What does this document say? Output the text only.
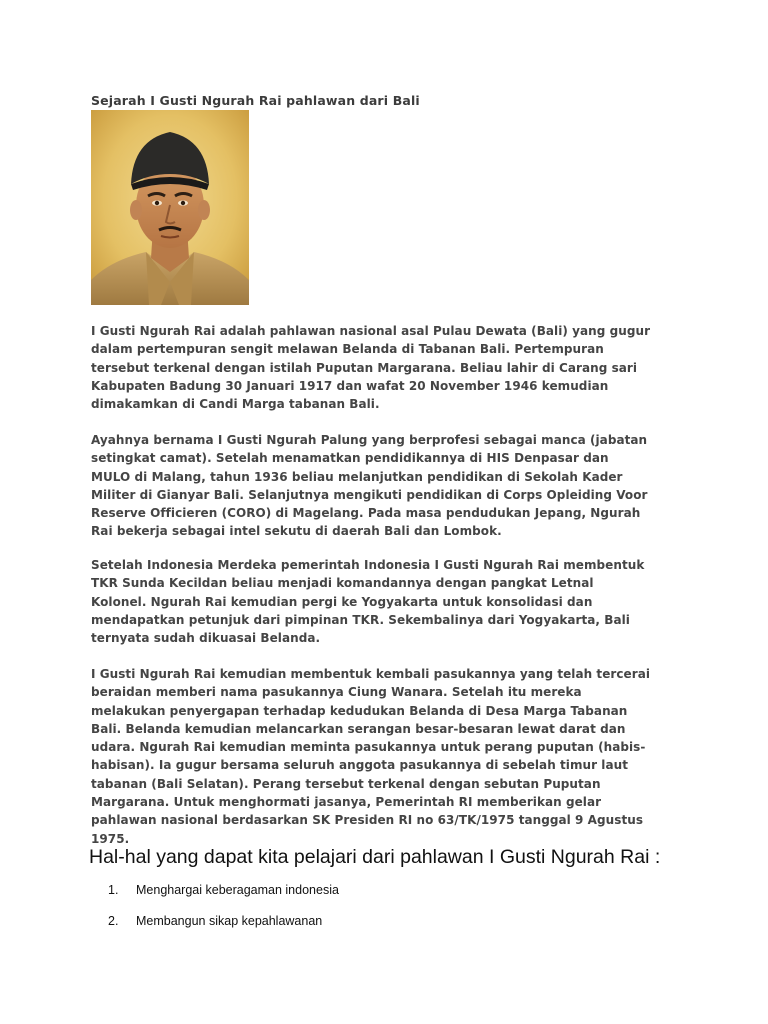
Sejarah I Gusti Ngurah Rai pahlawan dari Bali
I Gusti Ngurah Rai adalah pahlawan nasional asal Pulau Dewata (Bali) yang gugur
dalam pertempuran sengit melawan Belanda di Tabanan Bali. Pertempuran
tersebut terkenal dengan istilah Puputan Margarana. Beliau lahir di Carang sari
Kabupaten Badung 30 Januari 1917 dan wafat 20 November 1946 kemudian
dimakamkan di Candi Marga tabanan Bali.
Ayahnya bernama I Gusti Ngurah Palung yang berprofesi sebagai manca (jabatan
setingkat camat). Setelah menamatkan pendidikannya di HIS Denpasar dan
MULO di Malang, tahun 1936 beliau melanjutkan pendidikan di Sekolah Kader
Militer di Gianyar Bali. Selanjutnya mengikuti pendidikan di Corps Opleiding Voor
Reserve Officieren (CORO) di Magelang. Pada masa pendudukan Jepang, Ngurah
Rai bekerja sebagai intel sekutu di daerah Bali dan Lombok.
Setelah Indonesia Merdeka pemerintah Indonesia I Gusti Ngurah Rai membentuk
TKR Sunda Kecildan beliau menjadi komandannya dengan pangkat Letnal
Kolonel. Ngurah Rai kemudian pergi ke Yogyakarta untuk konsolidasi dan
mendapatkan petunjuk dari pimpinan TKR. Sekembalinya dari Yogyakarta, Bali
ternyata sudah dikuasai Belanda.
I Gusti Ngurah Rai kemudian membentuk kembali pasukannya yang telah tercerai
beraidan memberi nama pasukannya Ciung Wanara. Setelah itu mereka
melakukan penyergapan terhadap kedudukan Belanda di Desa Marga Tabanan
Bali. Belanda kemudian melancarkan serangan besar-besaran lewat darat dan
udara. Ngurah Rai kemudian meminta pasukannya untuk perang puputan (habis-
habisan). Ia gugur bersama seluruh anggota pasukannya di sebelah timur laut
tabanan (Bali Selatan). Perang tersebut terkenal dengan sebutan Puputan
Margarana. Untuk menghormati jasanya, Pemerintah RI memberikan gelar
pahlawan nasional berdasarkan SK Presiden RI no 63/TK/1975 tanggal 9 Agustus
1975.
Hal-hal yang dapat kita pelajari dari pahlawan I Gusti Ngurah Rai :
1. Menghargai keberagaman indonesia
2. Membangun sikap kepahlawanan
